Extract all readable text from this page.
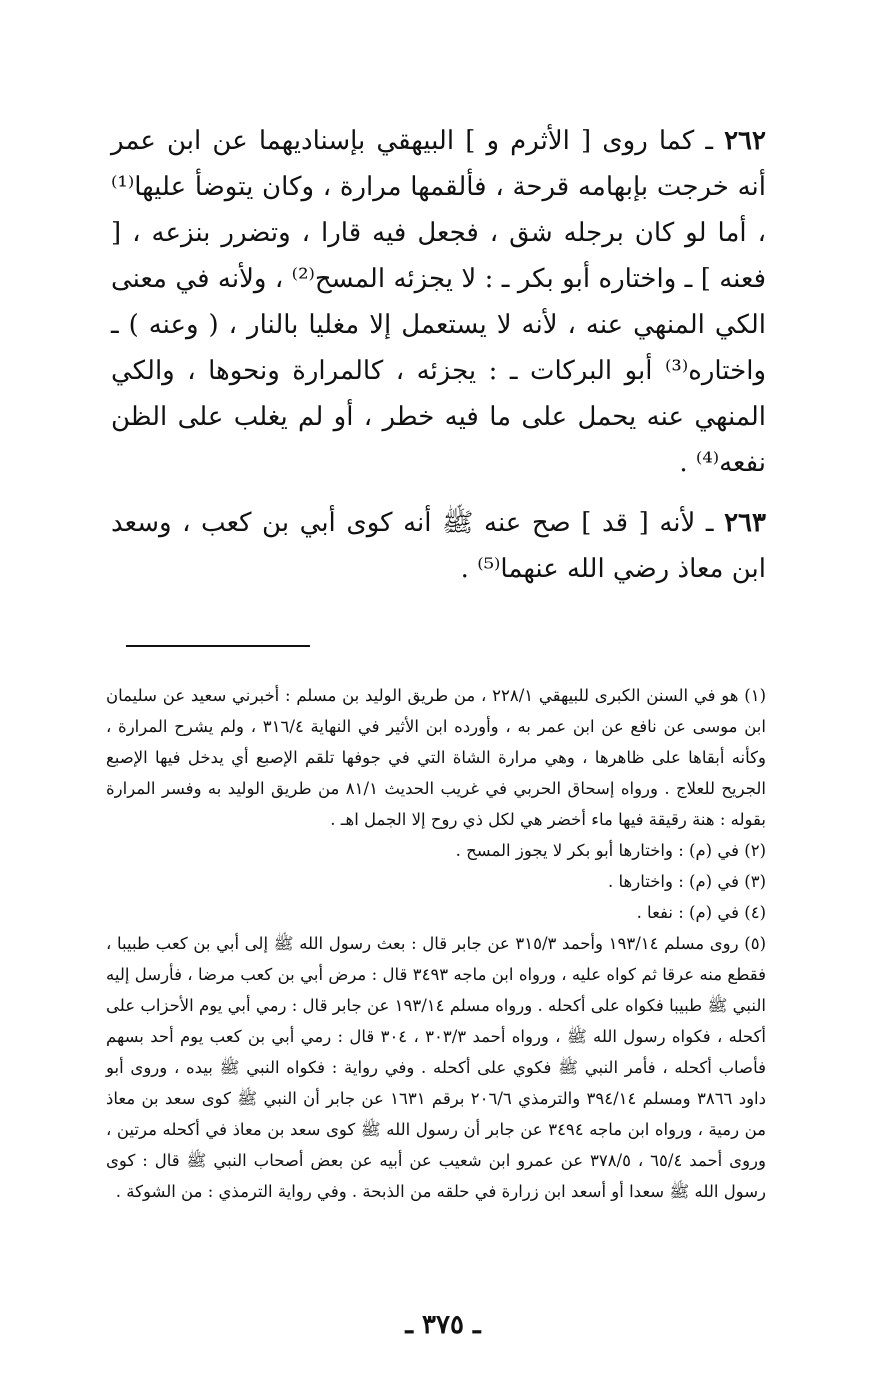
٢٦٢ ـ كما روى [ الأثرم و ] البيهقي بإسناديهما عن ابن عمر أنه خرجت بإبهامه قرحة ، فألقمها مرارة ، وكان يتوضأ عليها⁽¹⁾ ، أما لو كان برجله شق ، فجعل فيه قارا ، وتضرر بنزعه ، [ فعنه ] ـ واختاره أبو بكر ـ : لا يجزئه المسح⁽²⁾ ، ولأنه في معنى الكي المنهي عنه ، لأنه لا يستعمل إلا مغليا بالنار ، ( وعنه ) ـ واختاره⁽³⁾ أبو البركات ـ : يجزئه ، كالمرارة ونحوها ، والكي المنهي عنه يحمل على ما فيه خطر ، أو لم يغلب على الظن نفعه⁽⁴⁾ .

٢٦٣ ـ لأنه [ قد ] صح عنه ﷺ أنه كوى أبي بن كعب ، وسعد ابن معاذ رضي الله عنهما⁽⁵⁾ .

(١) هو في السنن الكبرى للبيهقي ٢٢٨/١ ، من طريق الوليد بن مسلم : أخبرني سعيد عن سليمان ابن موسى عن نافع عن ابن عمر به ، وأورده ابن الأثير في النهاية ٣١٦/٤ ، ولم يشرح المرارة ، وكأنه أبقاها على ظاهرها ، وهي مرارة الشاة التي في جوفها تلقم الإصبع أي يدخل فيها الإصبع الجريح للعلاج . ورواه إسحاق الحربي في غريب الحديث ٨١/١ من طريق الوليد به وفسر المرارة بقوله : هنة رقيقة فيها ماء أخضر هي لكل ذي روح إلا الجمل اهـ .

(٢) في (م) : واختارها أبو بكر لا يجوز المسح .

(٣) في (م) : واختارها .

(٤) في (م) : نفعا .

(٥) روى مسلم ١٩٣/١٤ وأحمد ٣١٥/٣ عن جابر قال : بعث رسول الله ﷺ إلى أبي بن كعب طبيبا ، فقطع منه عرقا ثم كواه عليه ، ورواه ابن ماجه ٣٤٩٣ قال : مرض أبي بن كعب مرضا ، فأرسل إليه النبي ﷺ طبيبا فكواه على أكحله . ورواه مسلم ١٩٣/١٤ عن جابر قال : رمي أبي يوم الأحزاب على أكحله ، فكواه رسول الله ﷺ ، ورواه أحمد ٣٠٣/٣ ، ٣٠٤ قال : رمي أبي بن كعب يوم أحد بسهم فأصاب أكحله ، فأمر النبي ﷺ فكوي على أكحله . وفي رواية : فكواه النبي ﷺ بيده ، وروى أبو داود ٣٨٦٦ ومسلم ٣٩٤/١٤ والترمذي ٢٠٦/٦ برقم ١٦٣١ عن جابر أن النبي ﷺ كوى سعد بن معاذ من رمية ، ورواه ابن ماجه ٣٤٩٤ عن جابر أن رسول الله ﷺ كوى سعد بن معاذ في أكحله مرتين ، وروى أحمد ٦٥/٤ ، ٣٧٨/٥ عن عمرو ابن شعيب عن أبيه عن بعض أصحاب النبي ﷺ قال : كوى رسول الله ﷺ سعدا أو أسعد ابن زرارة في حلقه من الذبحة . وفي رواية الترمذي : من الشوكة .

ـ ٣٧٥ ـ
